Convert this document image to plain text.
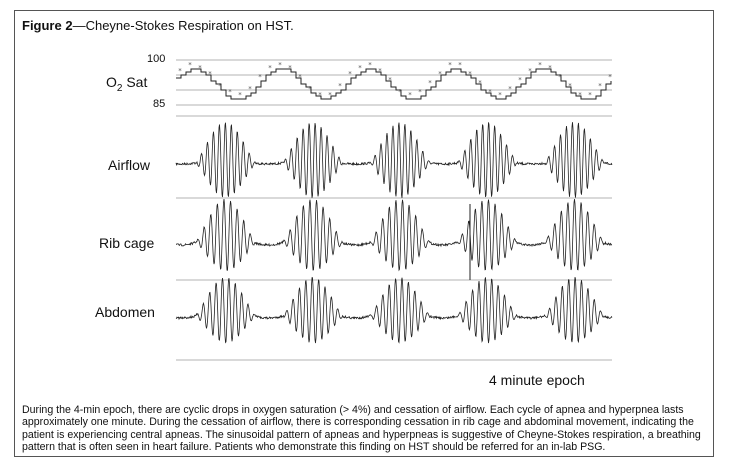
Figure 2—Cheyne-Stokes Respiration on HST.
$O_2$ Sat
100
85
Airflow
Rib cage
Abdomen
*
* *
*
*
* *
*
*
* * *
*
*
* *
*
*
* *
*
*
* * *
*
*
* *
*
*
* *
*
*
*
* *
*
*
* *
*
*
4 minute epoch
During the 4-min epoch, there are cyclic drops in oxygen saturation (> 4%) and cessation of airflow. Each cycle of apnea and hyperpnea lasts approximately one minute. During the cessation of airflow, there is corresponding cessation in rib cage and abdominal movement, indicating the patient is experiencing central apneas. The sinusoidal pattern of apneas and hyperpneas is suggestive of Cheyne-Stokes respiration, a breathing pattern that is often seen in heart failure. Patients who demonstrate this finding on HST should be referred for an in-lab PSG.
